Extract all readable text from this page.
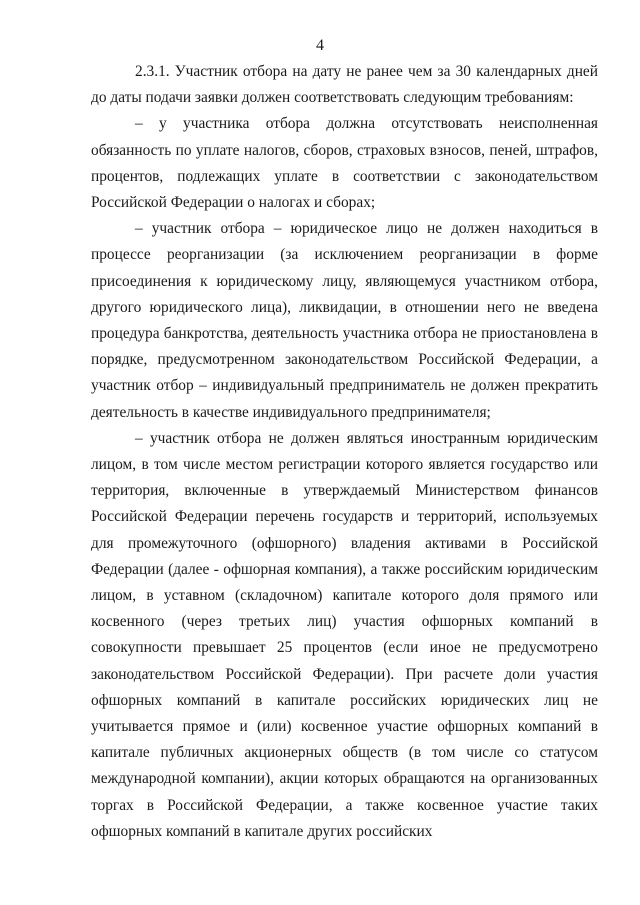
4

2.3.1. Участник отбора на дату не ранее чем за 30 календарных дней до даты подачи заявки должен соответствовать следующим требованиям:

– у участника отбора должна отсутствовать неисполненная обязанность по уплате налогов, сборов, страховых взносов, пеней, штрафов, процентов, подлежащих уплате в соответствии с законодательством Российской Федерации о налогах и сборах;

– участник отбора – юридическое лицо не должен находиться в процессе реорганизации (за исключением реорганизации в форме присоединения к юридическому лицу, являющемуся участником отбора, другого юридического лица), ликвидации, в отношении него не введена процедура банкротства, деятельность участника отбора не приостановлена в порядке, предусмотренном законодательством Российской Федерации, а участник отбор – индивидуальный предприниматель не должен прекратить деятельность в качестве индивидуального предпринимателя;

– участник отбора не должен являться иностранным юридическим лицом, в том числе местом регистрации которого является государство или территория, включенные в утверждаемый Министерством финансов Российской Федерации перечень государств и территорий, используемых для промежуточного (офшорного) владения активами в Российской Федерации (далее - офшорная компания), а также российским юридическим лицом, в уставном (складочном) капитале которого доля прямого или косвенного (через третьих лиц) участия офшорных компаний в совокупности превышает 25 процентов (если иное не предусмотрено законодательством Российской Федерации). При расчете доли участия офшорных компаний в капитале российских юридических лиц не учитывается прямое и (или) косвенное участие офшорных компаний в капитале публичных акционерных обществ (в том числе со статусом международной компании), акции которых обращаются на организованных торгах в Российской Федерации, а также косвенное участие таких офшорных компаний в капитале других российских
